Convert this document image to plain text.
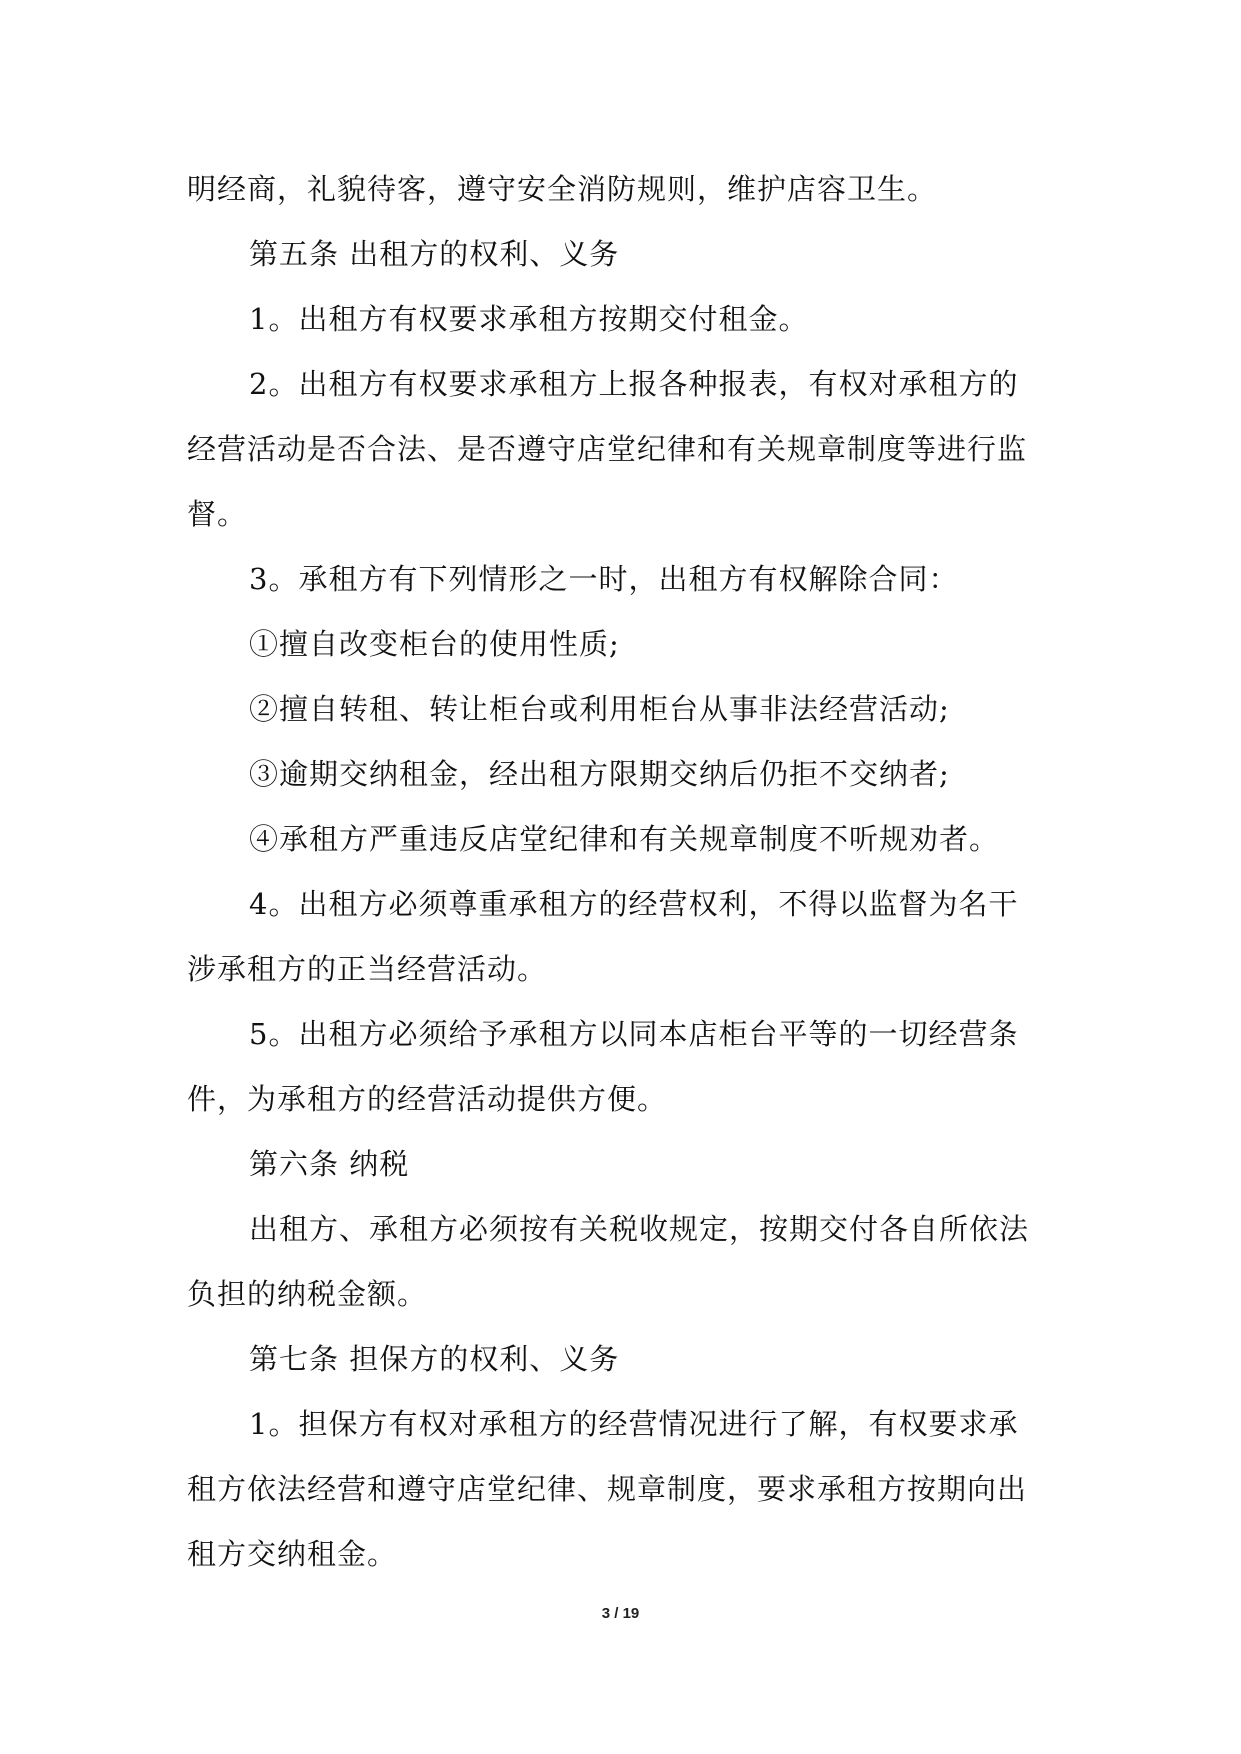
明经商，礼貌待客，遵守安全消防规则，维护店容卫生。
第五条 出租方的权利、义务
1。出租方有权要求承租方按期交付租金。
2。出租方有权要求承租方上报各种报表，有权对承租方的
经营活动是否合法、是否遵守店堂纪律和有关规章制度等进行监
督。
3。承租方有下列情形之一时，出租方有权解除合同：
①擅自改变柜台的使用性质;
②擅自转租、转让柜台或利用柜台从事非法经营活动;
③逾期交纳租金，经出租方限期交纳后仍拒不交纳者;
④承租方严重违反店堂纪律和有关规章制度不听规劝者。
4。出租方必须尊重承租方的经营权利，不得以监督为名干
涉承租方的正当经营活动。
5。出租方必须给予承租方以同本店柜台平等的一切经营条
件，为承租方的经营活动提供方便。
第六条 纳税
出租方、承租方必须按有关税收规定，按期交付各自所依法
负担的纳税金额。
第七条 担保方的权利、义务
1。担保方有权对承租方的经营情况进行了解，有权要求承
租方依法经营和遵守店堂纪律、规章制度，要求承租方按期向出
租方交纳租金。
3 / 19
